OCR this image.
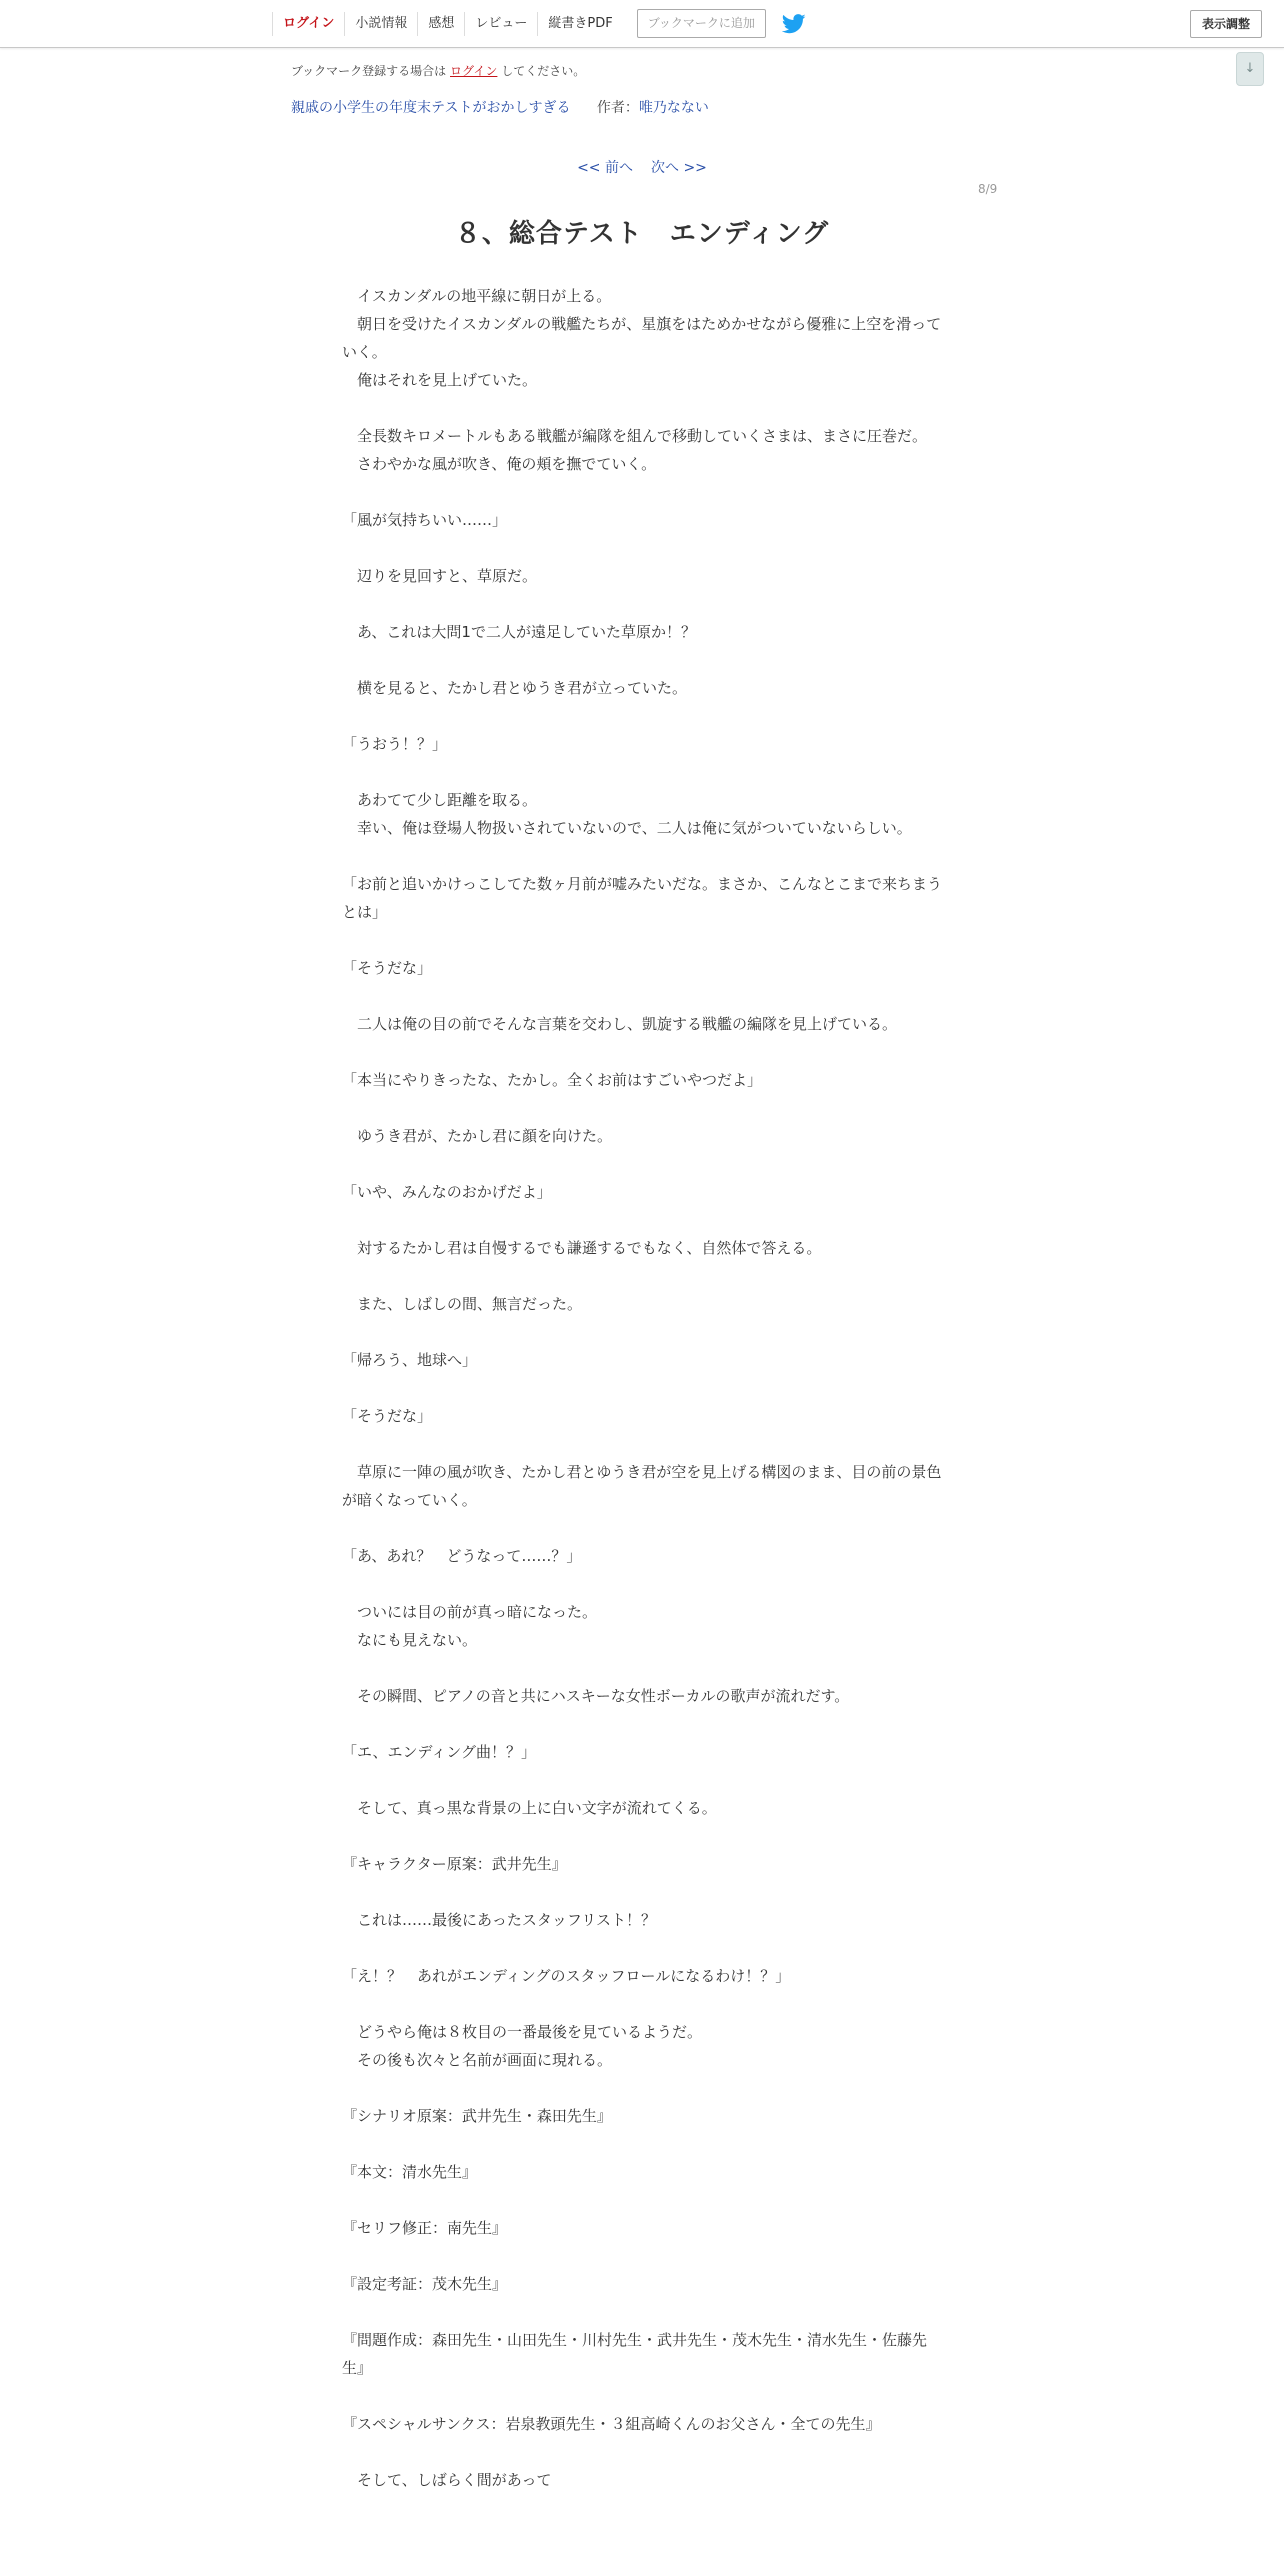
ログイン	小説情報	感想	レビュー	縦書きPDF	ブックマークに追加	表示調整
↓
ブックマーク登録する場合は ログイン してください。
親戚の小学生の年度末テストがおかしすぎる 作者：唯乃なない
<< 前へ 次へ >>
8/9
８、総合テスト　エンディング

　イスカンダルの地平線に朝日が上る。

　朝日を受けたイスカンダルの戦艦たちが、星旗をはためかせながら優雅に上空を滑っていく。

　俺はそれを見上げていた。

　全長数キロメートルもある戦艦が編隊を組んで移動していくさまは、まさに圧巻だ。

　さわやかな風が吹き、俺の頬を撫でていく。

「風が気持ちいい……」

　辺りを見回すと、草原だ。

　あ、これは大問1で二人が遠足していた草原か！？

　横を見ると、たかし君とゆうき君が立っていた。

「うおう！？」

　あわてて少し距離を取る。

　幸い、俺は登場人物扱いされていないので、二人は俺に気がついていないらしい。

「お前と追いかけっこしてた数ヶ月前が嘘みたいだな。まさか、こんなとこまで来ちまうとは」

「そうだな」

　二人は俺の目の前でそんな言葉を交わし、凱旋する戦艦の編隊を見上げている。

「本当にやりきったな、たかし。全くお前はすごいやつだよ」

　ゆうき君が、たかし君に顔を向けた。

「いや、みんなのおかげだよ」

　対するたかし君は自慢するでも謙遜するでもなく、自然体で答える。

　また、しばしの間、無言だった。

「帰ろう、地球へ」

「そうだな」

　草原に一陣の風が吹き、たかし君とゆうき君が空を見上げる構図のまま、目の前の景色が暗くなっていく。

「あ、あれ？　どうなって……？」

　ついには目の前が真っ暗になった。

　なにも見えない。

　その瞬間、ピアノの音と共にハスキーな女性ボーカルの歌声が流れだす。

「エ、エンディング曲！？」

　そして、真っ黒な背景の上に白い文字が流れてくる。

『キャラクター原案：武井先生』

　これは……最後にあったスタッフリスト！？

「え！？　あれがエンディングのスタッフロールになるわけ！？」

　どうやら俺は８枚目の一番最後を見ているようだ。

　その後も次々と名前が画面に現れる。

『シナリオ原案：武井先生・森田先生』

『本文：清水先生』

『セリフ修正：南先生』

『設定考証：茂木先生』

『問題作成：森田先生・山田先生・川村先生・武井先生・茂木先生・清水先生・佐藤先生』

『スペシャルサンクス：岩泉教頭先生・３組高崎くんのお父さん・全ての先生』

　そして、しばらく間があって
